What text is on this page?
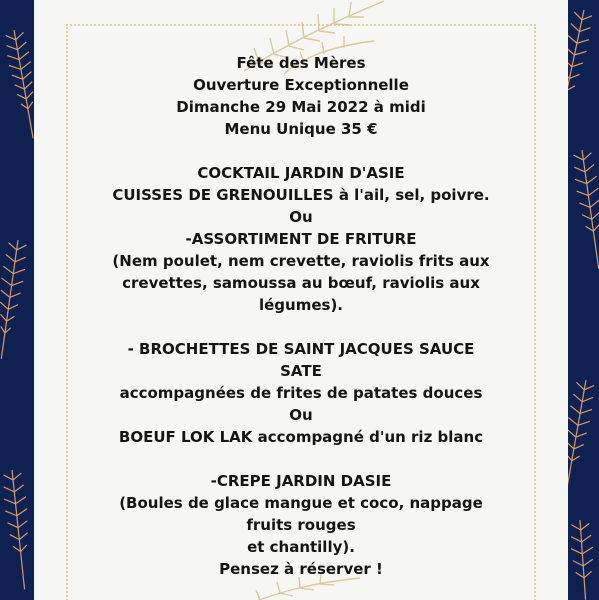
Fête des Mères
Ouverture Exceptionnelle
Dimanche 29 Mai 2022 à midi
Menu Unique 35 €
COCKTAIL JARDIN D'ASIE
CUISSES DE GRENOUILLES à l'ail, sel, poivre.
Ou
-ASSORTIMENT DE FRITURE
(Nem poulet, nem crevette, raviolis frits aux
crevettes, samoussa au bœuf, raviolis aux
légumes).
- BROCHETTES DE SAINT JACQUES SAUCE
SATE
accompagnées de frites de patates douces
Ou
BOEUF LOK LAK accompagné d'un riz blanc
-CREPE JARDIN DASIE
(Boules de glace mangue et coco, nappage
fruits rouges
et chantilly).
Pensez à réserver !
